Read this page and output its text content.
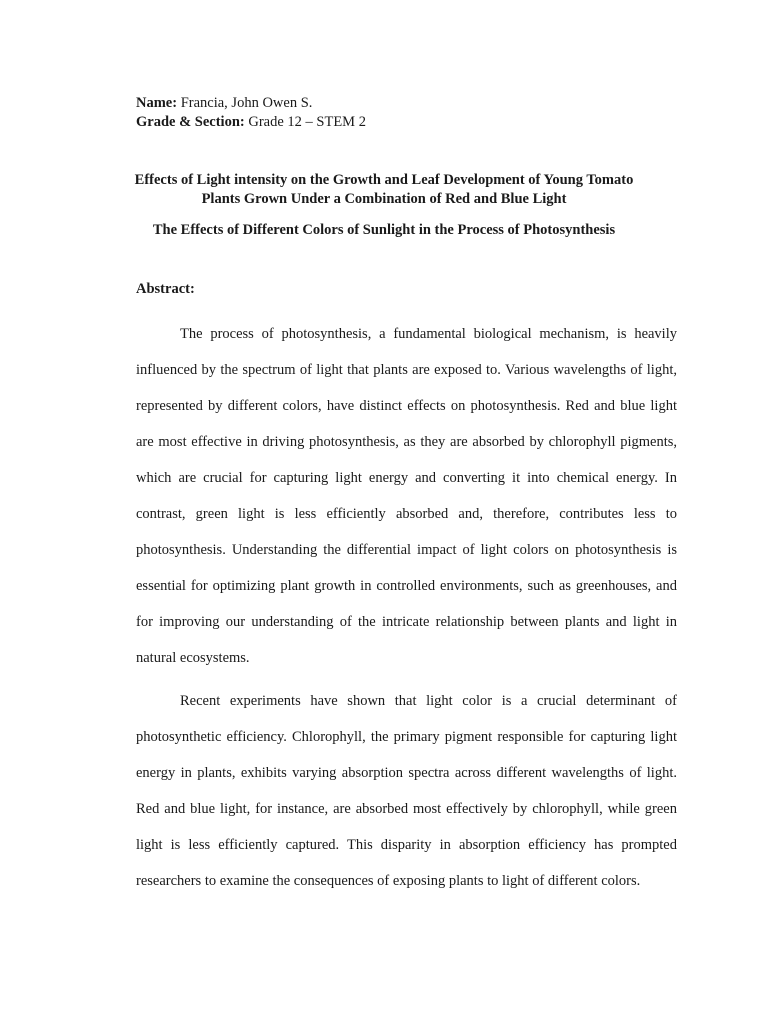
Name: Francia, John Owen S.
Grade & Section: Grade 12 – STEM 2
Effects of Light intensity on the Growth and Leaf Development of Young Tomato Plants Grown Under a Combination of Red and Blue Light
The Effects of Different Colors of Sunlight in the Process of Photosynthesis
Abstract:

The process of photosynthesis, a fundamental biological mechanism, is heavily influenced by the spectrum of light that plants are exposed to. Various wavelengths of light, represented by different colors, have distinct effects on photosynthesis. Red and blue light are most effective in driving photosynthesis, as they are absorbed by chlorophyll pigments, which are crucial for capturing light energy and converting it into chemical energy. In contrast, green light is less efficiently absorbed and, therefore, contributes less to photosynthesis. Understanding the differential impact of light colors on photosynthesis is essential for optimizing plant growth in controlled environments, such as greenhouses, and for improving our understanding of the intricate relationship between plants and light in natural ecosystems.

Recent experiments have shown that light color is a crucial determinant of photosynthetic efficiency. Chlorophyll, the primary pigment responsible for capturing light energy in plants, exhibits varying absorption spectra across different wavelengths of light. Red and blue light, for instance, are absorbed most effectively by chlorophyll, while green light is less efficiently captured. This disparity in absorption efficiency has prompted researchers to examine the consequences of exposing plants to light of different colors.
